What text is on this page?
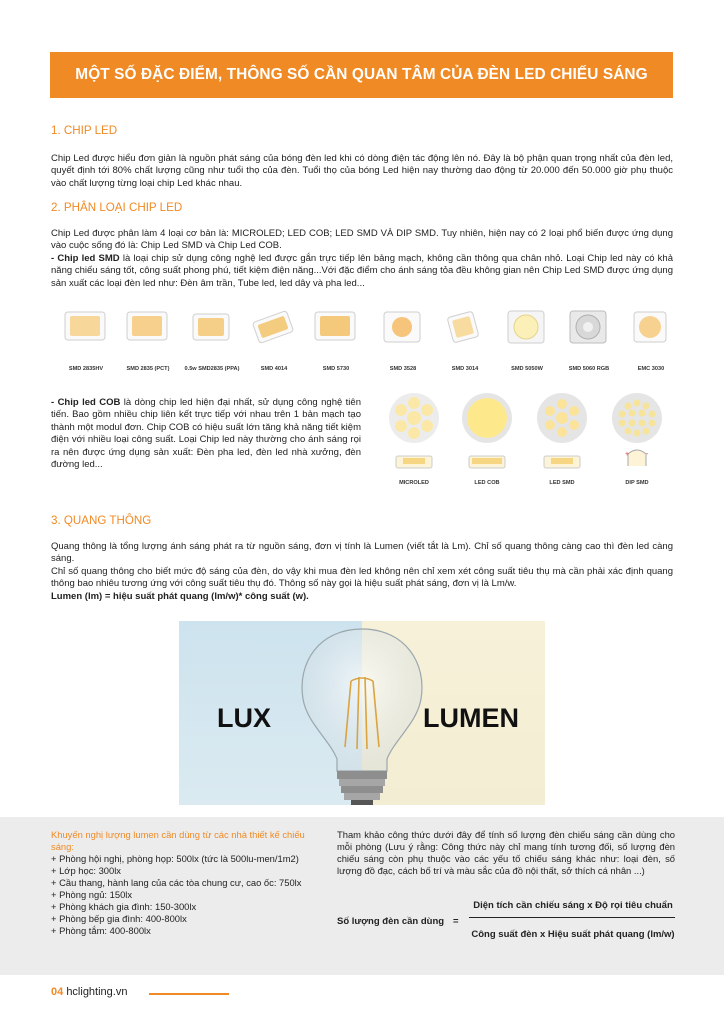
MỘT SỐ ĐẶC ĐIỂM, THÔNG SỐ CẦN QUAN TÂM CỦA ĐÈN LED CHIẾU SÁNG
1. CHIP LED
Chip Led được hiểu đơn giản là nguồn phát sáng của bóng đèn led khi có dòng điện tác động lên nó. Đây là bộ phận quan trọng nhất của đèn led, quyết định tới 80% chất lượng cũng như tuổi thọ của đèn. Tuổi thọ của bóng Led hiện nay thường dao động từ 20.000 đến 50.000 giờ phụ thuộc vào chất lượng từng loại chip Led khác nhau.
2. PHÂN LOẠI CHIP LED
Chip Led được phân làm 4 loại cơ bản là: MICROLED; LED COB; LED SMD VÀ DIP SMD. Tuy nhiên, hiện nay có 2 loại phổ biến được ứng dụng vào cuộc sống đó là: Chip Led SMD và Chip Led COB.
- Chip led SMD là loại chip sử dụng công nghệ led được gắn trực tiếp lên bảng mạch, không cần thông qua chân nhỏ. Loại Chip led này có khả năng chiếu sáng tốt, công suất phong phú, tiết kiệm điện năng...Với đặc điểm cho ánh sáng tỏa đều không gian nên Chip Led SMD được ứng dụng sản xuất các loại đèn led như: Đèn âm trần, Tube led, led dây và pha led...
SMD 2835HV	SMD 2835 (PCT)	0.5w SMD2835 (PPA)	SMD 4014	SMD 5730	SMD 3528	SMD 3014	SMD 5050W	SMD 5060 RGB	EMC 3030
- Chip led COB là dòng chip led hiện đại nhất, sử dụng công nghệ tiên tiến. Bao gồm nhiều chip liên kết trực tiếp với nhau trên 1 bản mạch tạo thành một modul đơn. Chip COB có hiệu suất lớn tăng khả năng tiết kiệm điện với nhiều loại công suất. Loại Chip led này thường cho ánh sáng rọi ra nên được ứng dụng sản xuất: Đèn pha led, đèn led nhà xưởng, đèn đường led...
MICROLED	LED COB	LED SMD
+ -
DIP SMD
3. QUANG THÔNG
Quang thông là tổng lượng ánh sáng phát ra từ nguồn sáng, đơn vị tính là Lumen (viết tắt là Lm). Chỉ số quang thông càng cao thì đèn led càng sáng.
Chỉ số quang thông cho biết mức độ sáng của đèn, do vậy khi mua đèn led không nên chỉ xem xét công suất tiêu thụ mà cần phải xác định quang thông bao nhiêu tương ứng với công suất tiêu thụ đó. Thông số này gọi là hiệu suất phát sáng, đơn vị là Lm/w.
Lumen (lm) = hiệu suất phát quang (lm/w)* công suất (w).
LUX	LUMEN
Khuyến nghị lượng lumen cần dùng từ các nhà thiết kế chiếu sáng:
+ Phòng hội nghị, phòng họp: 500lx (tức là 500lu-men/1m2)
+ Lớp học: 300lx
+ Cầu thang, hành lang của các tòa chung cư, cao ốc: 750lx
+ Phòng ngủ: 150lx
+ Phòng khách gia đình: 150-300lx
+ Phòng bếp gia đình: 400-800lx
+ Phòng tắm: 400-800lx
Tham khảo công thức dưới đây để tính số lượng đèn chiếu sáng cần dùng cho mỗi phòng (Lưu ý rằng: Công thức này chỉ mang tính tương đối, số lượng đèn chiếu sáng còn phụ thuộc vào các yếu tố chiếu sáng khác như: loại đèn, số lượng đồ đạc, cách bố trí và màu sắc của đồ nội thất, sở thích cá nhân ...)
Số lượng đèn cần dùng =
Diện tích cần chiếu sáng x Độ rọi tiêu chuẩn
Công suất đèn x Hiệu suất phát quang (lm/w)
04 hclighting.vn
